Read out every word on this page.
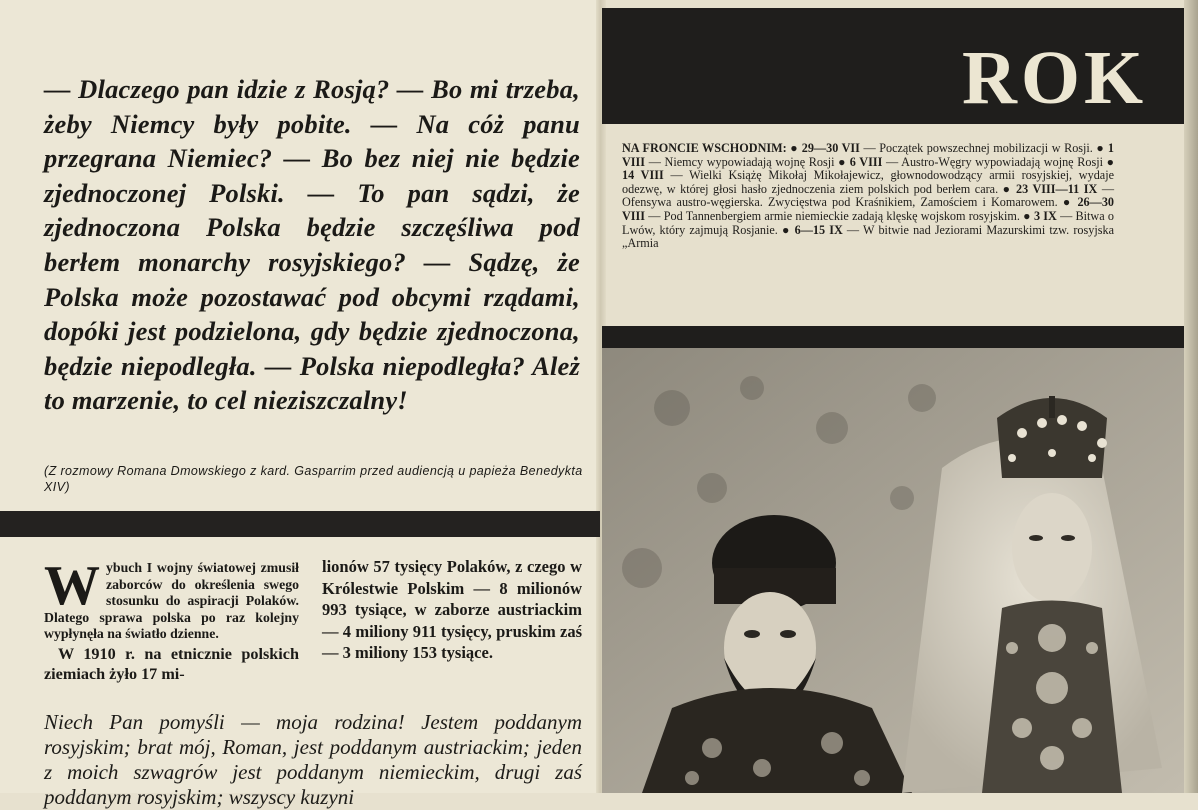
— Dlaczego pan idzie z Rosją? — Bo mi trzeba, żeby Niemcy były pobite. — Na cóż panu przegrana Niemiec? — Bo bez niej nie będzie zjednoczonej Polski. — To pan sądzi, że zjednoczona Polska będzie szczęśliwa pod berłem monarchy rosyjskiego? — Sądzę, że Polska może pozostawać pod obcymi rządami, dopóki jest podzielona, gdy będzie zjednoczona, będzie niepodległa. — Polska niepodległa? Ależ to marzenie, to cel nieziszczalny!

(Z rozmowy Romana Dmowskiego z kard. Gasparrim przed audiencją u papieża Benedykta XIV)

Wybuch I wojny światowej zmusił zaborców do określenia swego stosunku do aspiracji Polaków. Dlatego sprawa polska po raz kolejny wypłynęła na światło dzienne.

W 1910 r. na etnicznie polskich ziemiach żyło 17 mi-

lionów 57 tysięcy Polaków, z czego w Królestwie Polskim — 8 milionów 993 tysiące, w zaborze austriackim — 4 miliony 911 tysięcy, pruskim zaś — 3 miliony 153 tysiące.

Niech Pan pomyśli — moja rodzina! Jestem poddanym rosyjskim; brat mój, Roman, jest poddanym austriackim; jeden z moich szwagrów jest poddanym niemieckim, drugi zaś poddanym rosyjskim; wszyscy kuzyni

ROK

NA FRONCIE WSCHODNIM: ● 29—30 VII — Początek powszechnej mobilizacji w Rosji. ● 1 VIII — Niemcy wypowiadają wojnę Rosji ● 6 VIII — Austro-Węgry wypowiadają wojnę Rosji ● 14 VIII — Wielki Książę Mikołaj Mikołajewicz, głownodowodzący armii rosyjskiej, wydaje odezwę, w której głosi hasło zjednoczenia ziem polskich pod berłem cara. ● 23 VIII—11 IX — Ofensywa austro-węgierska. Zwycięstwa pod Kraśnikiem, Zamościem i Komarowem. ● 26—30 VIII — Pod Tannenbergiem armie niemieckie zadają klęskę wojskom rosyjskim. ● 3 IX — Bitwa o Lwów, który zajmują Rosjanie. ● 6—15 IX — W bitwie nad Jeziorami Mazurskimi tzw. rosyjska „Armia
